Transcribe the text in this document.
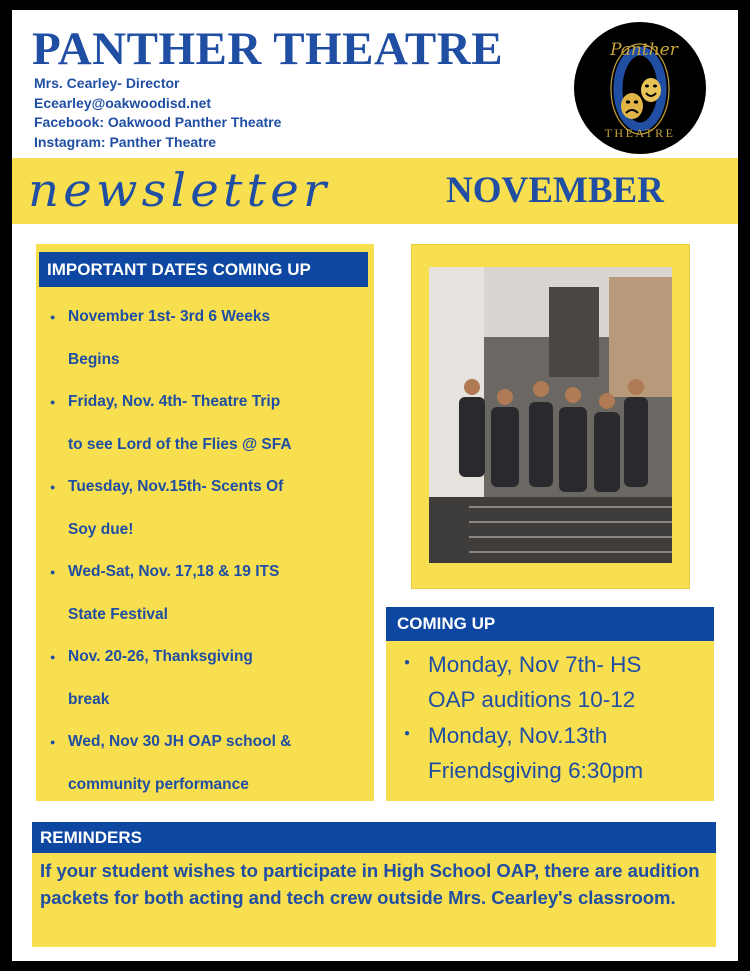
PANTHER THEATRE
Mrs. Cearley- Director
Ecearley@oakwoodisd.net
Facebook: Oakwood Panther Theatre
Instagram: Panther Theatre
Panther
THEATRE
newsletter	NOVEMBER
IMPORTANT DATES COMING UP
● November 1st- 3rd 6 Weeks
Begins
● Friday, Nov. 4th- Theatre Trip
to see Lord of the Flies @ SFA
● Tuesday, Nov.15th- Scents Of
Soy due!
● Wed-Sat, Nov. 17,18 & 19 ITS
State Festival
● Nov. 20-26, Thanksgiving
break
● Wed, Nov 30 JH OAP school &
community performance
COMING UP
● Monday, Nov 7th- HS
OAP auditions 10-12
● Monday, Nov.13th
Friendsgiving 6:30pm
REMINDERS
If your student wishes to participate in High School OAP, there are audition packets for both acting and tech crew outside Mrs. Cearley's classroom.
